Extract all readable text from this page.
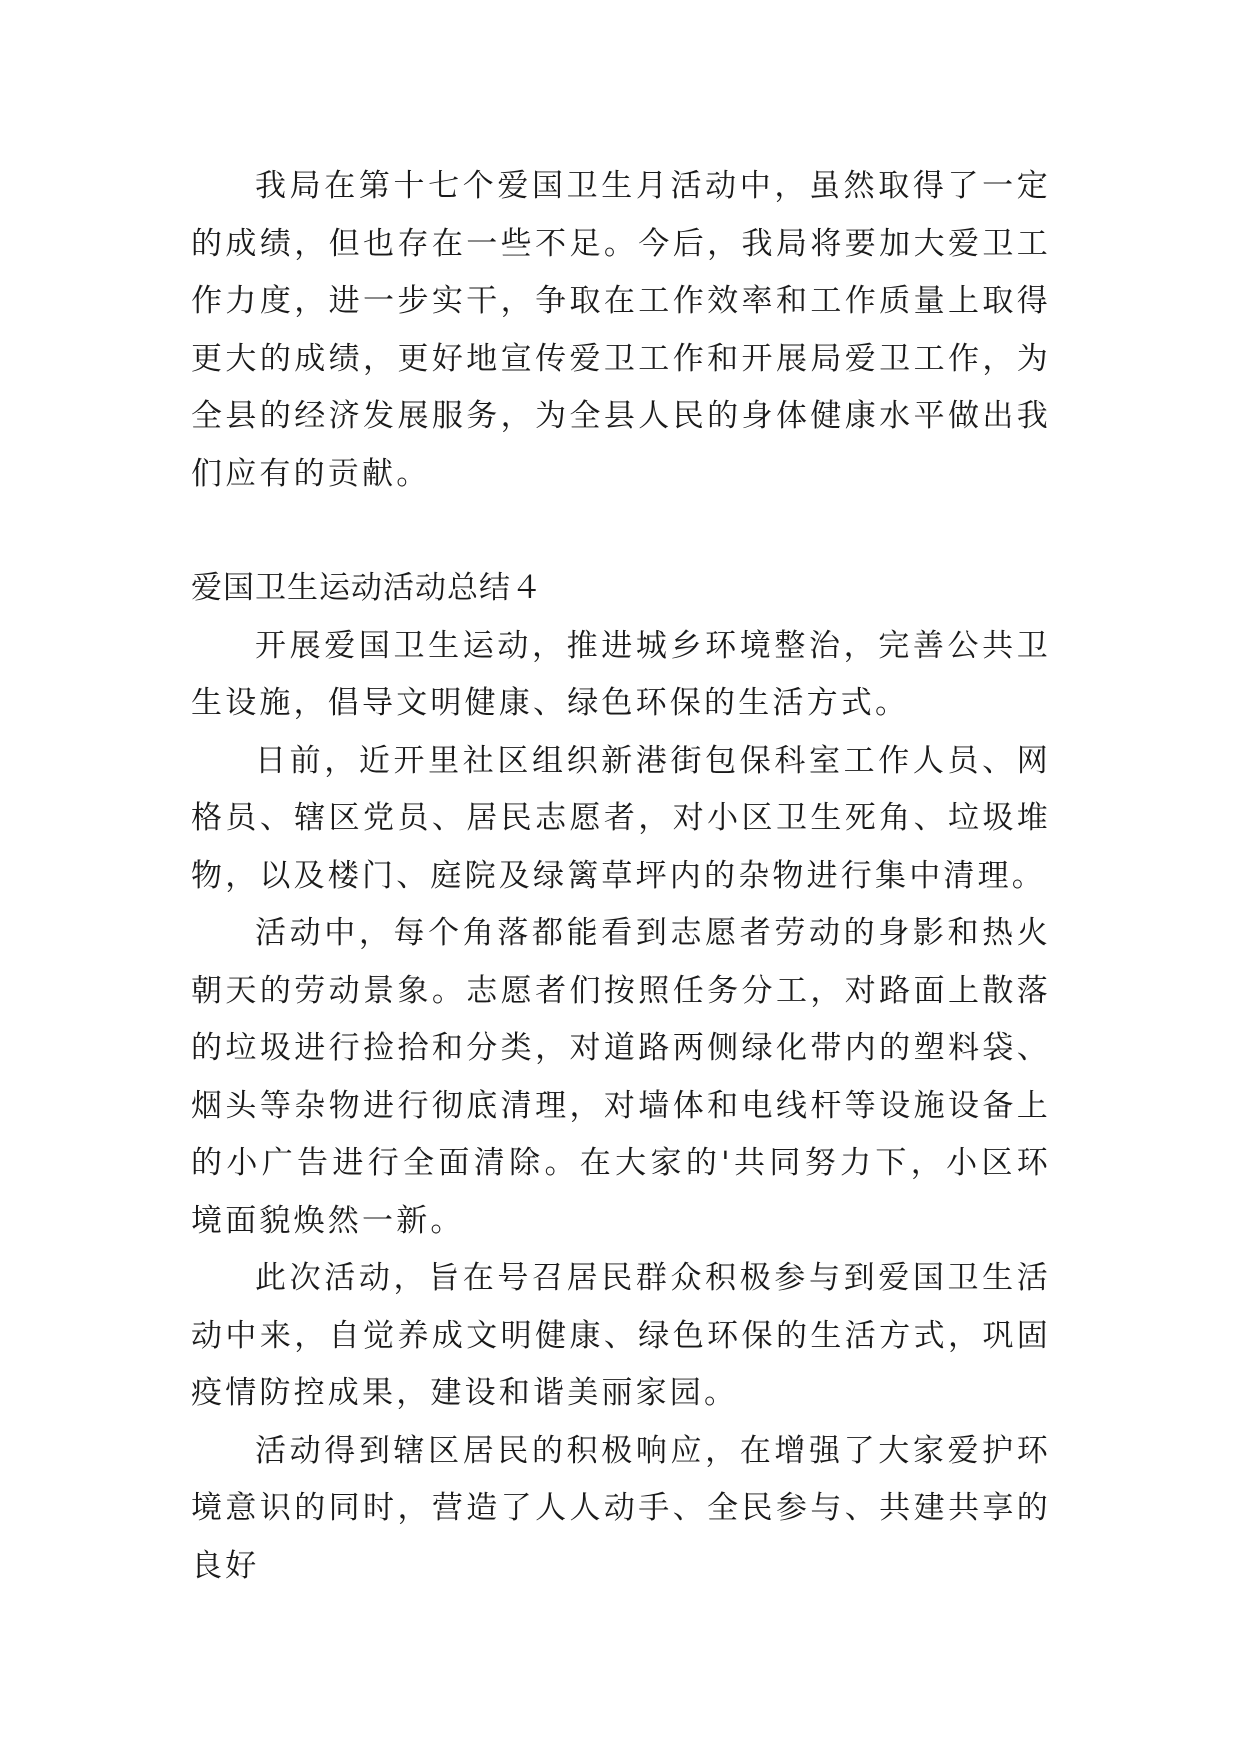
我局在第十七个爱国卫生月活动中，虽然取得了一定的成绩，但也存在一些不足。今后，我局将要加大爱卫工作力度，进一步实干，争取在工作效率和工作质量上取得更大的成绩，更好地宣传爱卫工作和开展局爱卫工作，为全县的经济发展服务，为全县人民的身体健康水平做出我们应有的贡献。

爱国卫生运动活动总结４

开展爱国卫生运动，推进城乡环境整治，完善公共卫生设施，倡导文明健康、绿色环保的生活方式。

日前，近开里社区组织新港街包保科室工作人员、网格员、辖区党员、居民志愿者，对小区卫生死角、垃圾堆物，以及楼门、庭院及绿篱草坪内的杂物进行集中清理。

活动中，每个角落都能看到志愿者劳动的身影和热火朝天的劳动景象。志愿者们按照任务分工，对路面上散落的垃圾进行捡拾和分类，对道路两侧绿化带内的塑料袋、烟头等杂物进行彻底清理，对墙体和电线杆等设施设备上的小广告进行全面清除。在大家的'共同努力下，小区环境面貌焕然一新。

此次活动，旨在号召居民群众积极参与到爱国卫生活动中来，自觉养成文明健康、绿色环保的生活方式，巩固疫情防控成果，建设和谐美丽家园。

活动得到辖区居民的积极响应，在增强了大家爱护环境意识的同时，营造了人人动手、全民参与、共建共享的良好
